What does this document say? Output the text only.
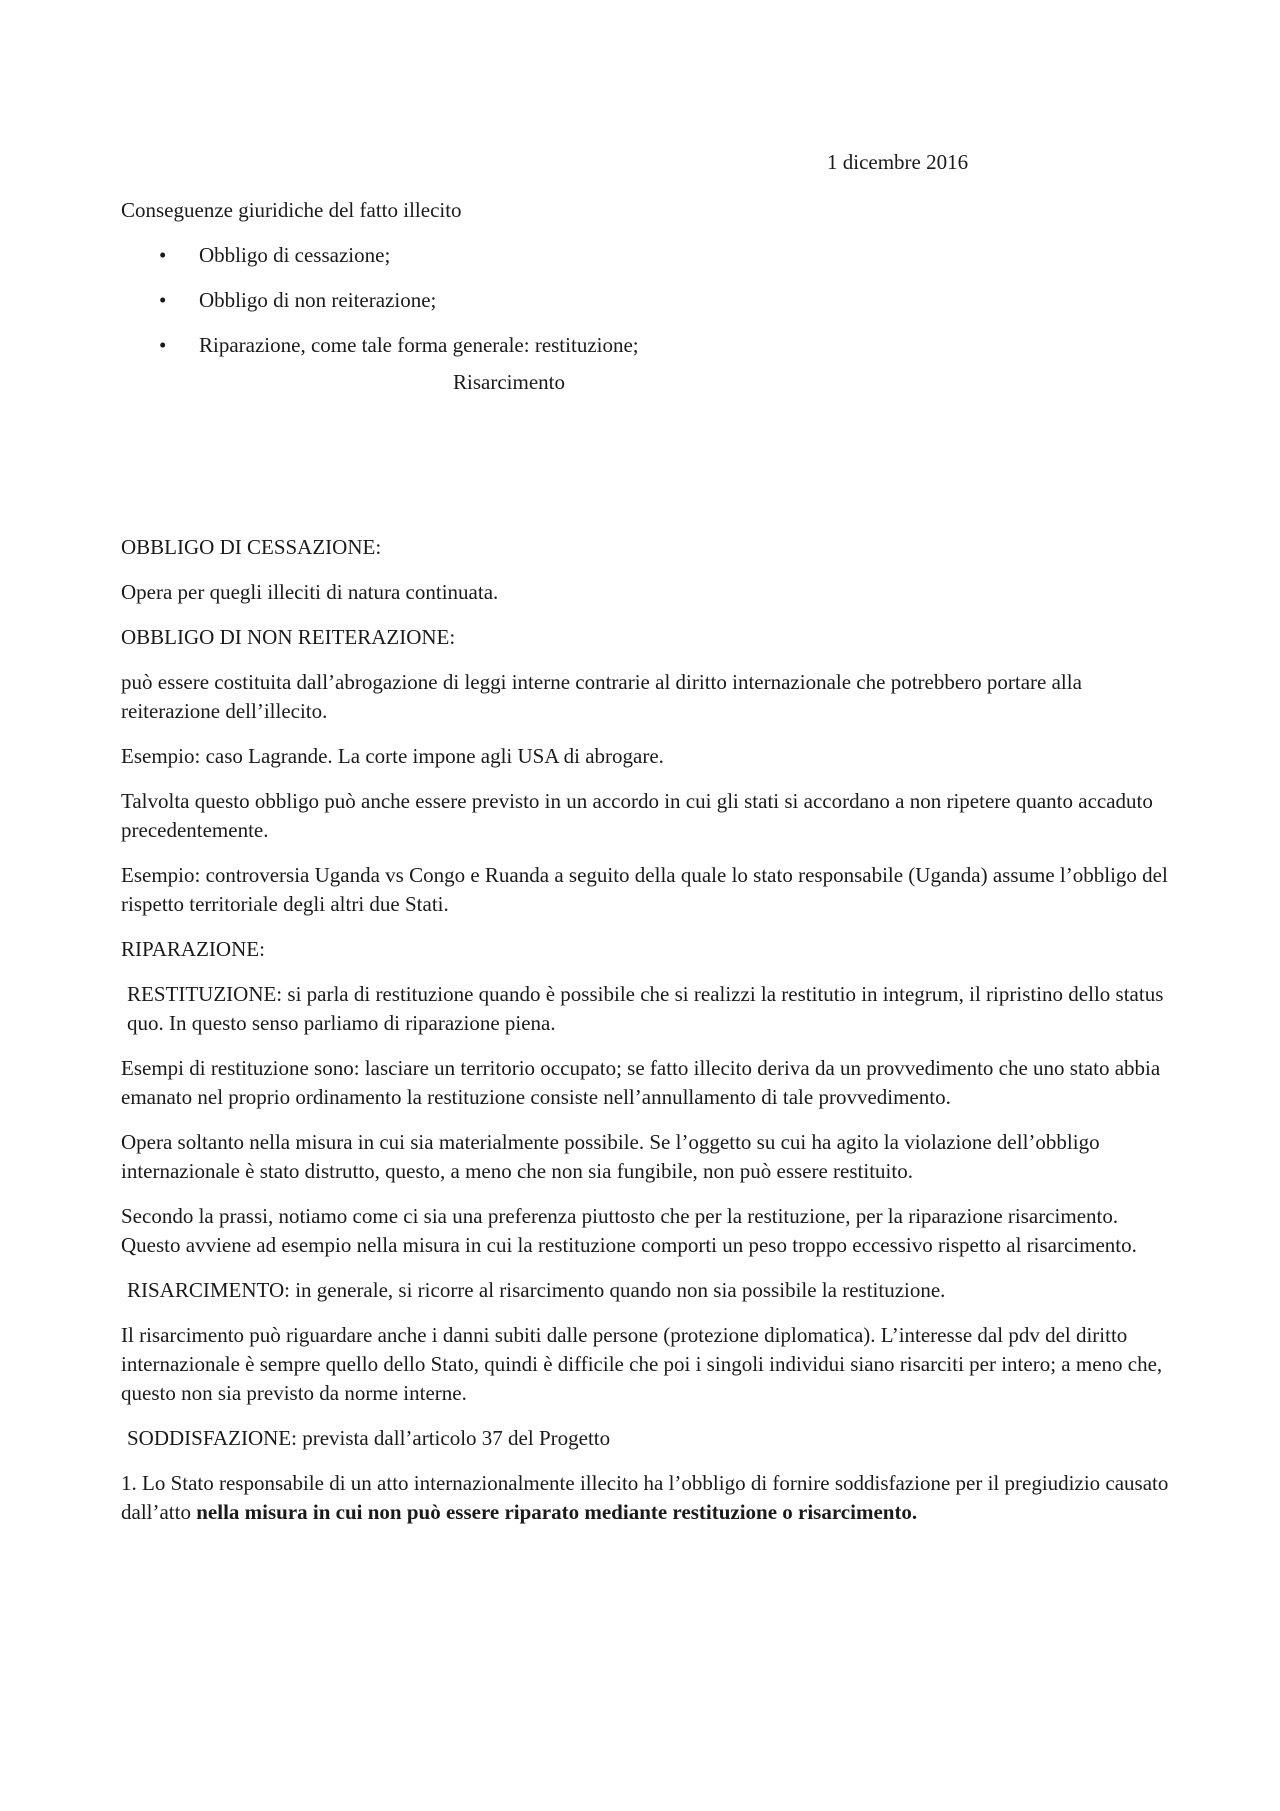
1 dicembre 2016

Conseguenze giuridiche del fatto illecito

• Obbligo di cessazione;
• Obbligo di non reiterazione;
• Riparazione, come tale forma generale: restituzione;
Risarcimento

OBBLIGO DI CESSAZIONE:

Opera per quegli illeciti di natura continuata.

OBBLIGO DI NON REITERAZIONE:

può essere costituita dall’abrogazione di leggi interne contrarie al diritto internazionale che potrebbero portare alla reiterazione dell’illecito.

Esempio: caso Lagrande. La corte impone agli USA di abrogare.

Talvolta questo obbligo può anche essere previsto in un accordo in cui gli stati si accordano a non ripetere quanto accaduto precedentemente.

Esempio: controversia Uganda vs Congo e Ruanda a seguito della quale lo stato responsabile (Uganda) assume l’obbligo del rispetto territoriale degli altri due Stati.

RIPARAZIONE:

RESTITUZIONE: si parla di restituzione quando è possibile che si realizzi la restitutio in integrum, il ripristino dello status quo. In questo senso parliamo di riparazione piena.

Esempi di restituzione sono: lasciare un territorio occupato; se fatto illecito deriva da un provvedimento che uno stato abbia emanato nel proprio ordinamento la restituzione consiste nell’annullamento di tale provvedimento.

Opera soltanto nella misura in cui sia materialmente possibile. Se l’oggetto su cui ha agito la violazione dell’obbligo internazionale è stato distrutto, questo, a meno che non sia fungibile, non può essere restituito.

Secondo la prassi, notiamo come ci sia una preferenza piuttosto che per la restituzione, per la riparazione risarcimento. Questo avviene ad esempio nella misura in cui la restituzione comporti un peso troppo eccessivo rispetto al risarcimento.

RISARCIMENTO: in generale, si ricorre al risarcimento quando non sia possibile la restituzione.

Il risarcimento può riguardare anche i danni subiti dalle persone (protezione diplomatica). L’interesse dal pdv del diritto internazionale è sempre quello dello Stato, quindi è difficile che poi i singoli individui siano risarciti per intero; a meno che, questo non sia previsto da norme interne.

SODDISFAZIONE: prevista dall’articolo 37 del Progetto

1. Lo Stato responsabile di un atto internazionalmente illecito ha l’obbligo di fornire soddisfazione per il pregiudizio causato dall’atto nella misura in cui non può essere riparato mediante restituzione o risarcimento.
